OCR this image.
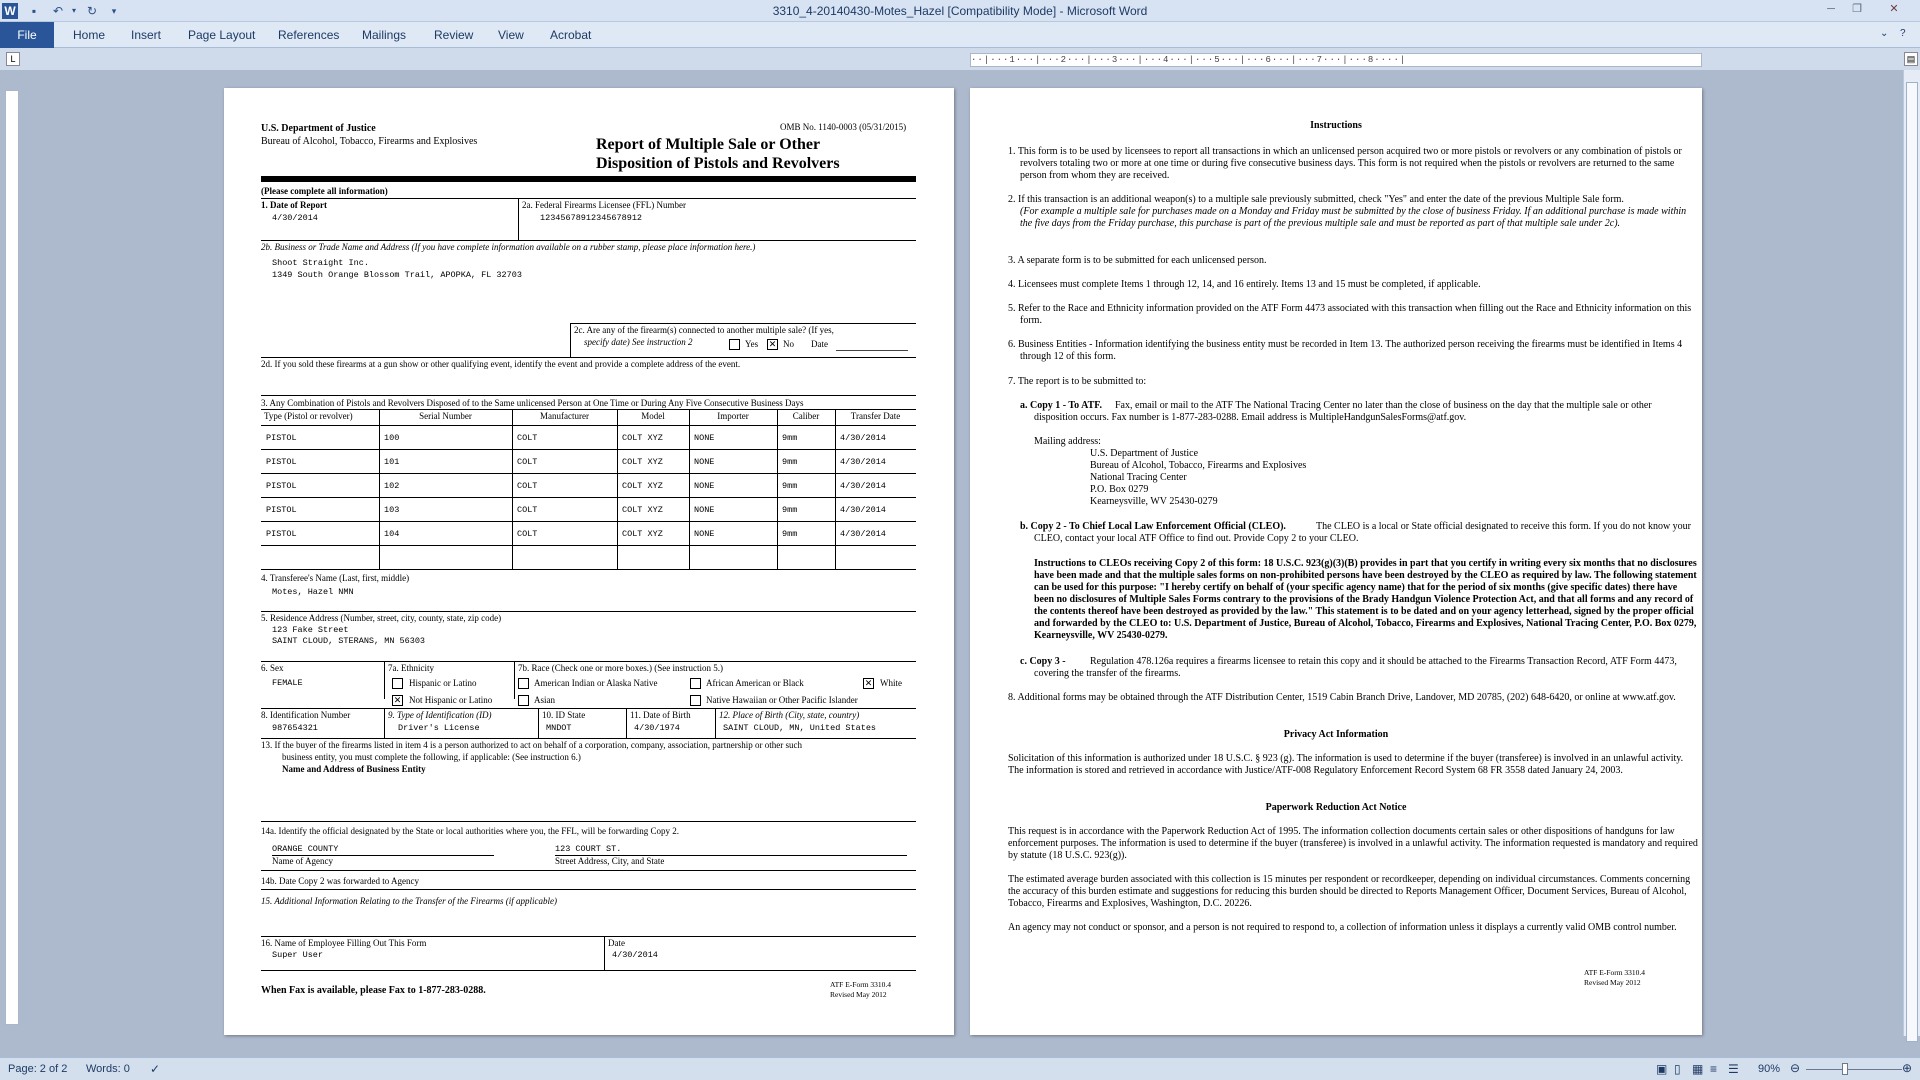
W	▪	↶	▾ ↻	▾	3310_4-20140430-Motes_Hazel [Compatibility Mode] - Microsoft Word	─	❐	✕
File	Home Insert Page Layout References Mailings Review View Acrobat	⌄ ?
L	▤
··|···1···|···2···|···3···|···4···|···5···|···6···|···7···|···8····|
U.S. Department of Justice
Bureau of Alcohol, Tobacco, Firearms and Explosives
OMB No. 1140-0003 (05/31/2015)
Report of Multiple Sale or Other
Disposition of Pistols and Revolvers
(Please complete all information)
1. Date of Report
4/30/2014
2a. Federal Firearms Licensee (FFL) Number
12345678912345678912
2b. Business or Trade Name and Address (If you have complete information available on a rubber stamp, please place information here.)
Shoot Straight Inc.
1349 South Orange Blossom Trail, APOPKA, FL 32703
2c. Are any of the firearm(s) connected to another multiple sale? (If yes,
specify date) See instruction 2	Yes ✕ No Date
2d. If you sold these firearms at a gun show or other qualifying event, identify the event and provide a complete address of the event.
3. Any Combination of Pistols and Revolvers Disposed of to the Same unlicensed Person at One Time or During Any Five Consecutive Business Days
Type (Pistol or revolver)	Serial Number	Manufacturer	Model	Importer	Caliber	Transfer Date
PISTOL	100	COLT	COLT XYZ	NONE	9mm	4/30/2014
PISTOL	101	COLT	COLT XYZ	NONE	9mm	4/30/2014
PISTOL	102	COLT	COLT XYZ	NONE	9mm	4/30/2014
PISTOL	103	COLT	COLT XYZ	NONE	9mm	4/30/2014
PISTOL	104	COLT	COLT XYZ	NONE	9mm	4/30/2014
4. Transferee's Name (Last, first, middle)
Motes, Hazel NMN
5. Residence Address (Number, street, city, county, state, zip code)
123 Fake Street
SAINT CLOUD, STERANS, MN 56303
6. Sex
FEMALE
7a. Ethnicity
Hispanic or Latino
✕ Not Hispanic or Latino
7b. Race (Check one or more boxes.) (See instruction 5.)
American Indian or Alaska Native	African American or Black	✕ White
Asian	Native Hawaiian or Other Pacific Islander
8. Identification Number
987654321
9. Type of Identification (ID)
Driver's License
10. ID State
MNDOT
11. Date of Birth
4/30/1974
12. Place of Birth (City, state, country)
SAINT CLOUD, MN, United States
13. If the buyer of the firearms listed in item 4 is a person authorized to act on behalf of a corporation, company, association, partnership or other such
business entity, you must complete the following, if applicable: (See instruction 6.)
Name and Address of Business Entity
14a. Identify the official designated by the State or local authorities where you, the FFL, will be forwarding Copy 2.
ORANGE COUNTY
Name of Agency
123 COURT ST.
Street Address, City, and State
14b. Date Copy 2 was forwarded to Agency
15. Additional Information Relating to the Transfer of the Firearms (if applicable)
16. Name of Employee Filling Out This Form
Super User
Date
4/30/2014
When Fax is available, please Fax to 1-877-283-0288.
ATF E-Form 3310.4
Revised May 2012

Instructions

1. This form is to be used by licensees to report all transactions in which an unlicensed person acquired two or more pistols or revolvers or any combination of pistols or revolvers totaling two or more at one time or during five consecutive business days. This form is not required when the pistols or revolvers are returned to the same person from whom they are received.

2. If this transaction is an additional weapon(s) to a multiple sale previously submitted, check "Yes" and enter the date of the previous Multiple Sale form.

(For example a multiple sale for purchases made on a Monday and Friday must be submitted by the close of business Friday. If an additional purchase is made within the five days from the Friday purchase, this purchase is part of the previous multiple sale and must be reported as part of that multiple sale under 2c).

3. A separate form is to be submitted for each unlicensed person.

4. Licensees must complete Items 1 through 12, 14, and 16 entirely. Items 13 and 15 must be completed, if applicable.

5. Refer to the Race and Ethnicity information provided on the ATF Form 4473 associated with this transaction when filling out the Race and Ethnicity information on this form.

6. Business Entities - Information identifying the business entity must be recorded in Item 13. The authorized person receiving the firearms must be identified in Items 4 through 12 of this form.

7. The report is to be submitted to:

a. Copy 1 - To ATF.	Fax, email or mail to the ATF The National Tracing Center no later than the close of business on the day that the multiple sale or other disposition occurs. Fax number is 1-877-283-0288. Email address is MultipleHandgunSalesForms@atf.gov.

Mailing address:

U.S. Department of Justice

Bureau of Alcohol, Tobacco, Firearms and Explosives

National Tracing Center

P.O. Box 0279

Kearneysville, WV 25430-0279

b. Copy 2 - To Chief Local Law Enforcement Official (CLEO).	The CLEO is a local or State official designated to receive this form. If you do not know your CLEO, contact your local ATF Office to find out. Provide Copy 2 to your CLEO.

Instructions to CLEOs receiving Copy 2 of this form: 18 U.S.C. 923(g)(3)(B) provides in part that you certify in writing every six months that no disclosures have been made and that the multiple sales forms on non-prohibited persons have been destroyed by the CLEO as required by law. The following statement can be used for this purpose: "I hereby certify on behalf of (your specific agency name) that for the period of six months (give specific dates) there have been no disclosures of Multiple Sales Forms contrary to the provisions of the Brady Handgun Violence Protection Act, and that all forms and any record of the contents thereof have been destroyed as provided by the law." This statement is to be dated and on your agency letterhead, signed by the proper official and forwarded by the CLEO to: U.S. Department of Justice, Bureau of Alcohol, Tobacco, Firearms and Explosives, National Tracing Center, P.O. Box 0279, Kearneysville, WV 25430-0279.

c. Copy 3 -	Regulation 478.126a requires a firearms licensee to retain this copy and it should be attached to the Firearms Transaction Record, ATF Form 4473, covering the transfer of the firearms.

8. Additional forms may be obtained through the ATF Distribution Center, 1519 Cabin Branch Drive, Landover, MD 20785, (202) 648-6420, or online at www.atf.gov.

Privacy Act Information

Solicitation of this information is authorized under 18 U.S.C. § 923 (g). The information is used to determine if the buyer (transferee) is involved in an unlawful activity. The information is stored and retrieved in accordance with Justice/ATF-008 Regulatory Enforcement Record System 68 FR 3558 dated January 24, 2003.

Paperwork Reduction Act Notice

This request is in accordance with the Paperwork Reduction Act of 1995. The information collection documents certain sales or other dispositions of handguns for law enforcement purposes. The information is used to determine if the buyer (transferee) is involved in a unlawful activity. The information requested is mandatory and required by statute (18 U.S.C. 923(g)).

The estimated average burden associated with this collection is 15 minutes per respondent or recordkeeper, depending on individual circumstances. Comments concerning the accuracy of this burden estimate and suggestions for reducing this burden should be directed to Reports Management Officer, Document Services, Bureau of Alcohol, Tobacco, Firearms and Explosives, Washington, D.C. 20226.

An agency may not conduct or sponsor, and a person is not required to respond to, a collection of information unless it displays a currently valid OMB control number.

ATF E-Form 3310.4

Revised May 2012

Page: 2 of 2 Words: 0 ✓	▣ ▯ ▦ ≡ ☰ 90% ⊖	⊕
